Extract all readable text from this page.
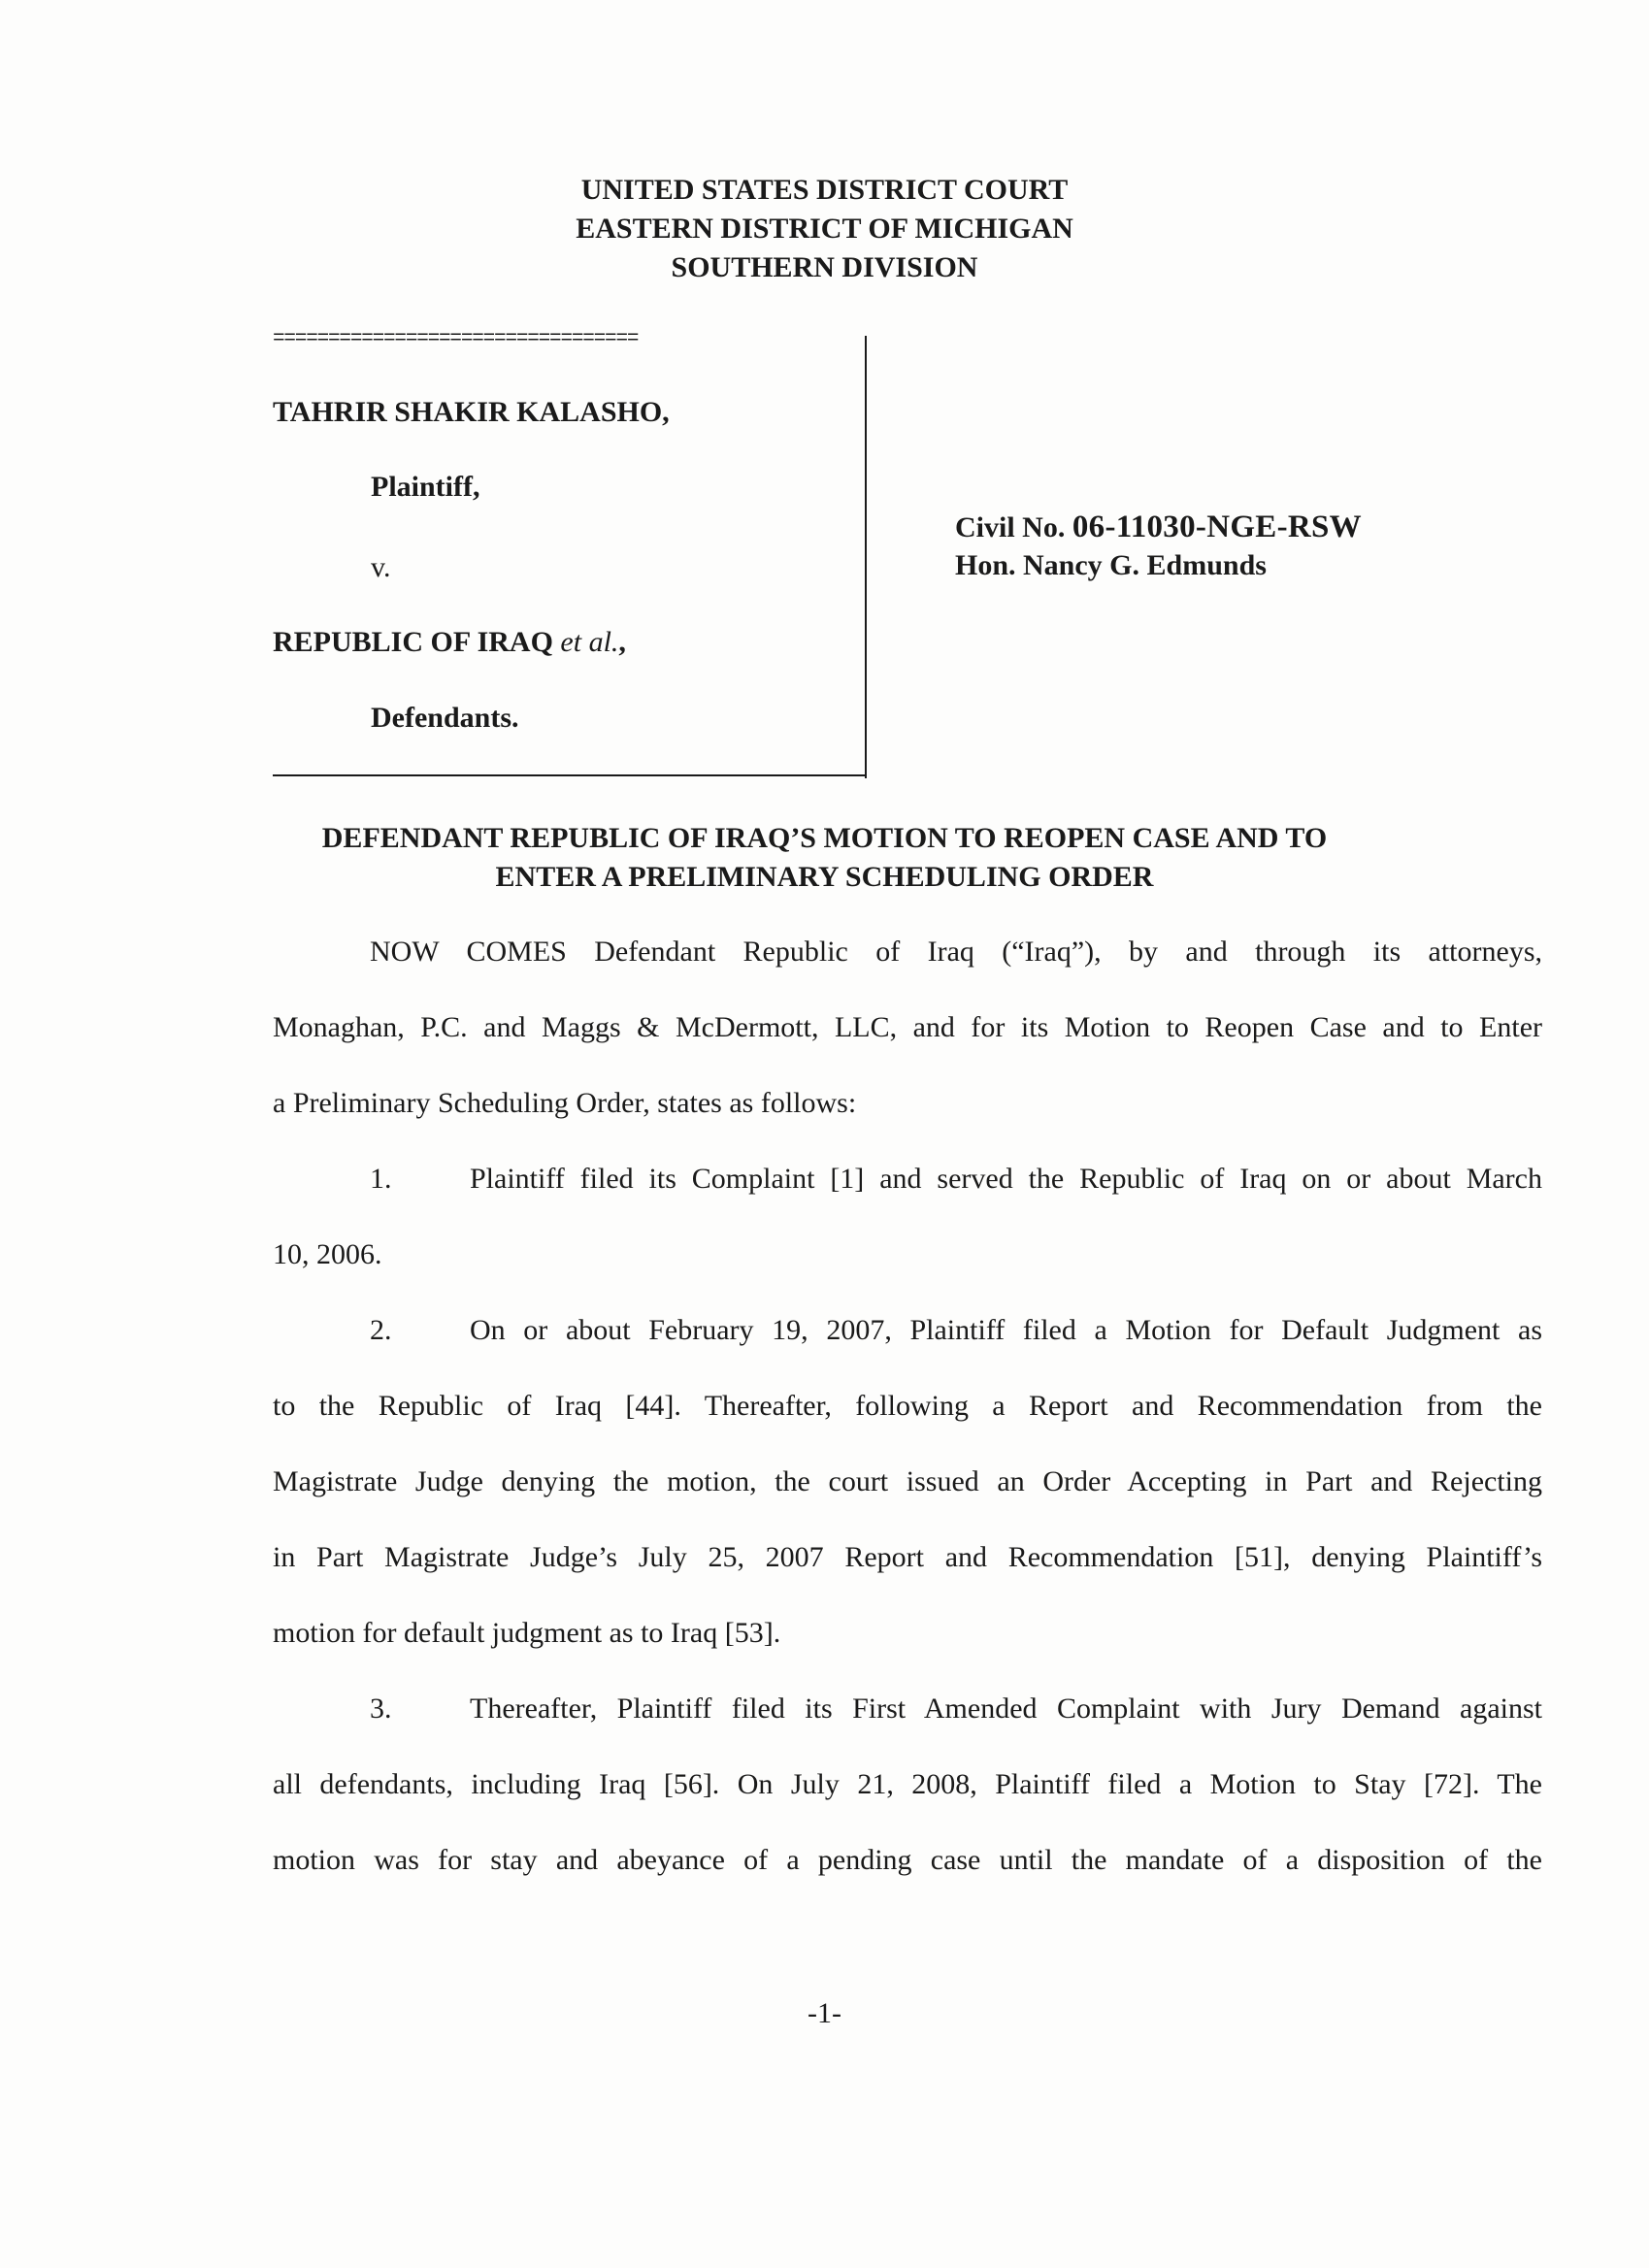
UNITED STATES DISTRICT COURT
EASTERN DISTRICT OF MICHIGAN
SOUTHERN DIVISION
=================================
TAHRIR SHAKIR KALASHO,
Plaintiff,
v.
REPUBLIC OF IRAQ et al.,
Defendants.
Civil No. 06-11030-NGE-RSW
Hon. Nancy G. Edmunds
DEFENDANT REPUBLIC OF IRAQ’S MOTION TO REOPEN CASE AND TO
ENTER A PRELIMINARY SCHEDULING ORDER
NOW COMES Defendant Republic of Iraq (“Iraq”), by and through its attorneys,
Monaghan, P.C. and Maggs & McDermott, LLC, and for its Motion to Reopen Case and to Enter
a Preliminary Scheduling Order, states as follows:
1.	Plaintiff filed its Complaint [1] and served the Republic of Iraq on or about March
10, 2006.
2.	On or about February 19, 2007, Plaintiff filed a Motion for Default Judgment as
to the Republic of Iraq [44]. Thereafter, following a Report and Recommendation from the
Magistrate Judge denying the motion, the court issued an Order Accepting in Part and Rejecting
in Part Magistrate Judge’s July 25, 2007 Report and Recommendation [51], denying Plaintiff’s
motion for default judgment as to Iraq [53].
3.	Thereafter, Plaintiff filed its First Amended Complaint with Jury Demand against
all defendants, including Iraq [56]. On July 21, 2008, Plaintiff filed a Motion to Stay [72]. The
motion was for stay and abeyance of a pending case until the mandate of a disposition of the
-1-
